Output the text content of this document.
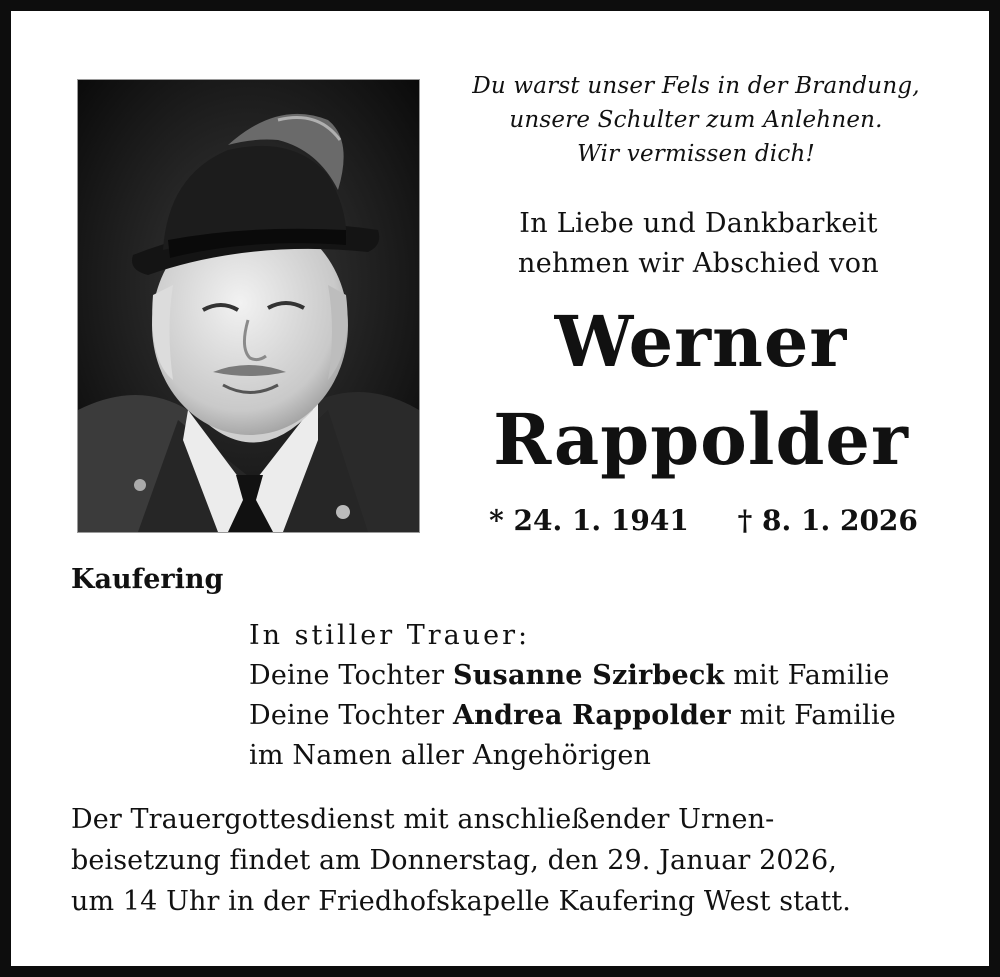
Du warst unser Fels in der Brandung,
unsere Schulter zum Anlehnen.
Wir vermissen dich!
In Liebe und Dankbarkeit
nehmen wir Abschied von
Werner
Rappolder
* 24. 1. 1941 † 8. 1. 2026
Kaufering
In stiller Trauer:
Deine Tochter Susanne Szirbeck mit Familie
Deine Tochter Andrea Rappolder mit Familie
im Namen aller Angehörigen
Der Trauergottesdienst mit anschließender Urnen-
beisetzung findet am Donnerstag, den 29. Januar 2026,
um 14 Uhr in der Friedhofskapelle Kaufering West statt.
